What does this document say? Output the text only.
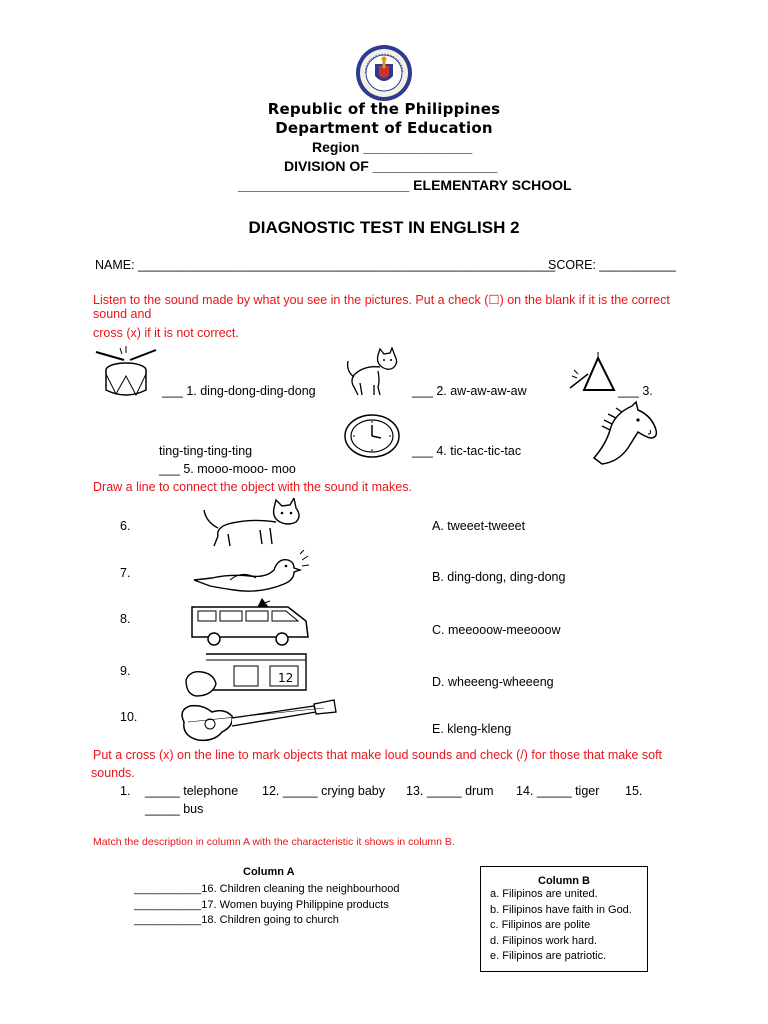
Republic of the Philippines
Department of Education
Region ______________
DIVISION OF ________________
______________________ ELEMENTARY SCHOOL
DIAGNOSTIC TEST IN ENGLISH 2
NAME: ____________________________________________________________
SCORE: ___________
Listen to the sound made by what you see in the pictures. Put a check (☐) on the blank if it is the correct sound and
cross (x) if it is not correct.
___ 1. ding-dong-ding-dong	___ 2. aw-aw-aw-aw	___ 3.
ting-ting-ting-ting	___ 4. tic-tac-tic-tac
___ 5. mooo-mooo- moo
Draw a line to connect the object with the sound it makes.
6.
7.
8.
9.
10.
12
A. tweeet-tweeet
B. ding-dong, ding-dong
C. meeooow-meeooow
D. wheeeng-wheeeng
E. kleng-kleng
Put a cross (x) on the line to mark objects that make loud sounds and check (/) for those that make soft
sounds.
1. _____ telephone 12. _____ crying baby 13. _____ drum 14. _____ tiger 15.
_____ bus
Match the description in column A with the characteristic it shows in column B.
Column A
___________16. Children cleaning the neighbourhood
___________17. Women buying Philippine products
___________18. Children going to church
Column B
a. Filipinos are united.
b. Filipinos have faith in God.
c. Filipinos are polite
d. Filipinos work hard.
e. Filipinos are patriotic.
